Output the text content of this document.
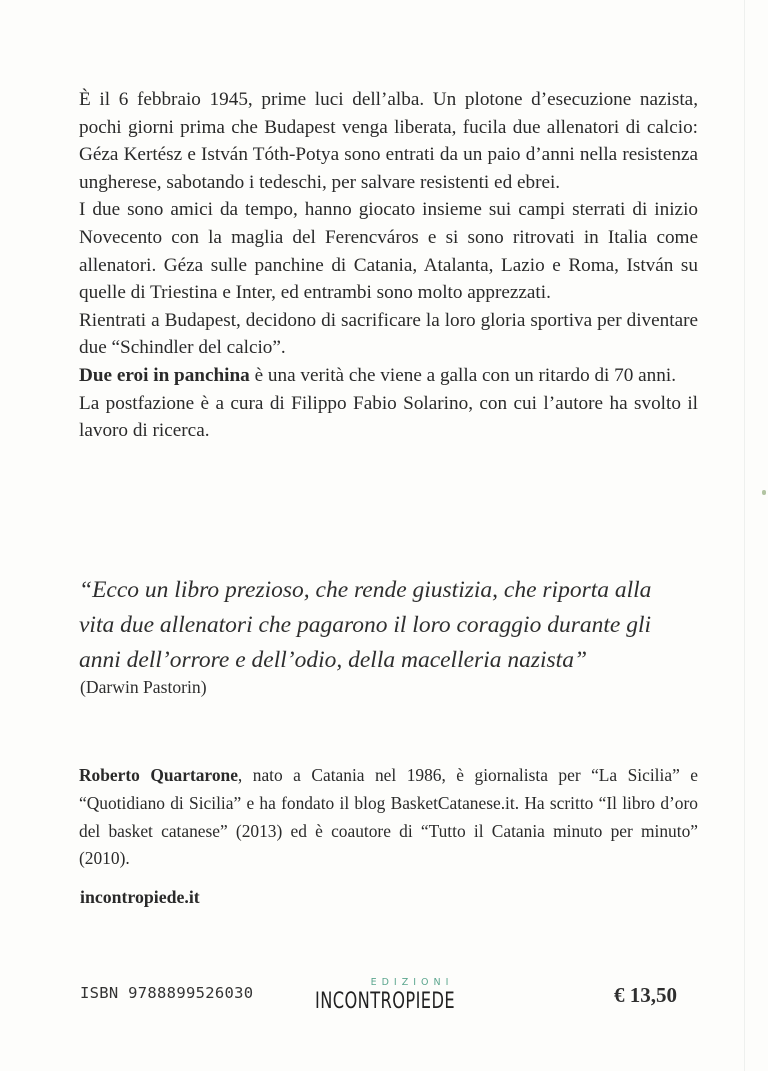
È il 6 febbraio 1945, prime luci dell’alba. Un plotone d’esecuzione nazista, pochi giorni prima che Budapest venga liberata, fucila due allenatori di calcio: Géza Kertész e István Tóth-Potya sono entrati da un paio d’anni nella resistenza ungherese, sabotando i tedeschi, per salvare resistenti ed ebrei.

I due sono amici da tempo, hanno giocato insieme sui campi sterrati di inizio Novecento con la maglia del Ferencváros e si sono ritrovati in Italia come allenatori. Géza sulle panchine di Catania, Atalanta, Lazio e Roma, István su quelle di Triestina e Inter, ed entrambi sono molto apprezzati.

Rientrati a Budapest, decidono di sacrificare la loro gloria sportiva per diventare due “Schindler del calcio”.

Due eroi in panchina è una verità che viene a galla con un ritardo di 70 anni.

La postfazione è a cura di Filippo Fabio Solarino, con cui l’autore ha svolto il lavoro di ricerca.

“Ecco un libro prezioso, che rende giustizia, che riporta alla

vita due allenatori che pagarono il loro coraggio durante gli

anni dell’orrore e dell’odio, della macelleria nazista”

(Darwin Pastorin)

Roberto Quartarone, nato a Catania nel 1986, è giornalista per “La Sicilia” e “Quotidiano di Sicilia” e ha fondato il blog BasketCatanese.it. Ha scritto “Il libro d’oro del basket catanese” (2013) ed è coautore di “Tutto il Catania minuto per minuto” (2010).

incontropiede.it
ISBN 9788899526030
EDIZIONI
INCONTROPIEDE	€ 13,50
